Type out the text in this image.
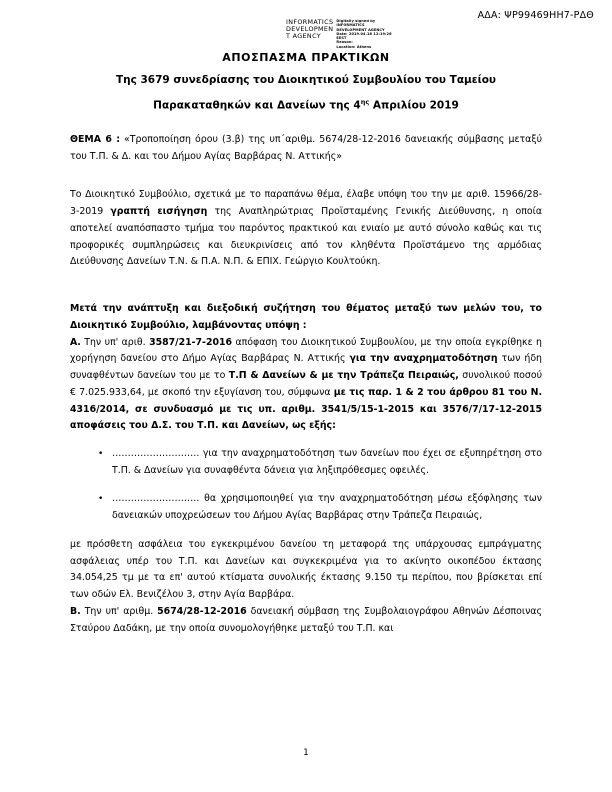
ΑΔΑ: ΨΡ99469ΗΗ7-ΡΔΘ
INFORMATICS
DEVELOPMEN
T AGENCY
Digitally signed by
INFORMATICS
DEVELOPMENT AGENCY
Date: 2019.04.18 12:19:26
EEST
Reason:
Location: Athens
ΑΠΟΣΠΑΣΜΑ ΠΡΑΚΤΙΚΩΝ
Της 3679 συνεδρίασης του Διοικητικού Συμβουλίου του Ταμείου
Παρακαταθηκών και Δανείων της $4^{\eta\varsigma}$ Απριλίου 2019

ΘΕΜΑ 6 : «Τροποποίηση όρου (3.β) της υπ΄αριθμ. 5674/28-12-2016 δανειακής σύμβασης μεταξύ του Τ.Π. & Δ. και του Δήμου Αγίας Βαρβάρας Ν. Αττικής»

Το Διοικητικό Συμβούλιο, σχετικά με το παραπάνω θέμα, έλαβε υπόψη του την με αριθ. 15966/28-3-2019 γραπτή εισήγηση της Αναπληρώτριας Προϊσταμένης Γενικής Διεύθυνσης, η οποία αποτελεί αναπόσπαστο τμήμα του παρόντος πρακτικού και ενιαίο με αυτό σύνολο καθώς και τις προφορικές συμπληρώσεις και διευκρινίσεις από τον κληθέντα Προϊστάμενο της αρμόδιας Διεύθυνσης Δανείων Τ.Ν. & Π.Α. Ν.Π. & ΕΠΙΧ. Γεώργιο Κουλτούκη.

Μετά την ανάπτυξη και διεξοδική συζήτηση του θέματος μεταξύ των μελών του, το Διοικητικό Συμβούλιο, λαμβάνοντας υπόψη :

Α. Την υπ' αριθ. 3587/21-7-2016 απόφαση του Διοικητικού Συμβουλίου, με την οποία εγκρίθηκε η χορήγηση δανείου στο Δήμο Αγίας Βαρβάρας Ν. Αττικής για την αναχρηματοδότηση των ήδη συναφθέντων δανείων του με το Τ.Π & Δανείων & με την Τράπεζα Πειραιώς, συνολικού ποσού € 7.025.933,64, με σκοπό την εξυγίανση του, σύμφωνα με τις παρ. 1 & 2 του άρθρου 81 του Ν. 4316/2014, σε συνδυασμό με τις υπ. αριθμ. 3541/5/15-1-2015 και 3576/7/17-12-2015 αποφάσεις του Δ.Σ. του Τ.Π. και Δανείων, ως εξής:

• ………………………. για την αναχρηματοδότηση των δανείων που έχει σε εξυπηρέτηση στο Τ.Π. & Δανείων για συναφθέντα δάνεια για ληξιπρόθεσμες οφειλές.
• ………………………. θα χρησιμοποιηθεί για την αναχρηματοδότηση μέσω εξόφλησης των δανειακών υποχρεώσεων του Δήμου Αγίας Βαρβάρας στην Τράπεζα Πειραιώς,

με πρόσθετη ασφάλεια του εγκεκριμένου δανείου τη μεταφορά της υπάρχουσας εμπράγματης ασφάλειας υπέρ του Τ.Π. και Δανείων και συγκεκριμένα για το ακίνητο οικοπέδου έκτασης 34.054,25 τμ με τα επ' αυτού κτίσματα συνολικής έκτασης 9.150 τμ περίπου, που βρίσκεται επί των οδών Ελ. Βενιζέλου 3, στην Αγία Βαρβάρα.

Β. Την υπ' αριθμ. 5674/28-12-2016 δανειακή σύμβαση της Συμβολαιογράφου Αθηνών Δέσποινας Σταύρου Δαδάκη, με την οποία συνομολογήθηκε μεταξύ του Τ.Π. και

1
